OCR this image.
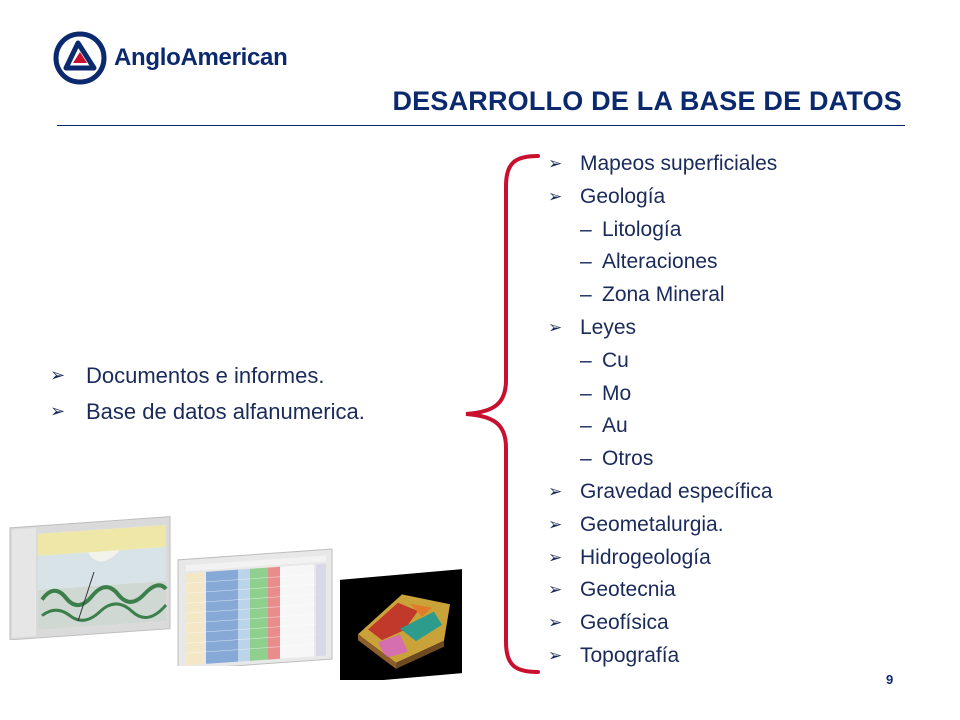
AngloAmerican
DESARROLLO DE LA BASE DE DATOS
➢ Documentos e informes.
➢ Base de datos alfanumerica.
➢ Mapeos superficiales
➢ Geología
– Litología
– Alteraciones
– Zona Mineral
➢ Leyes
– Cu
– Mo
– Au
– Otros
➢ Gravedad específica
➢ Geometalurgia.
➢ Hidrogeología
➢ Geotecnia
➢ Geofísica
➢ Topografía
9
